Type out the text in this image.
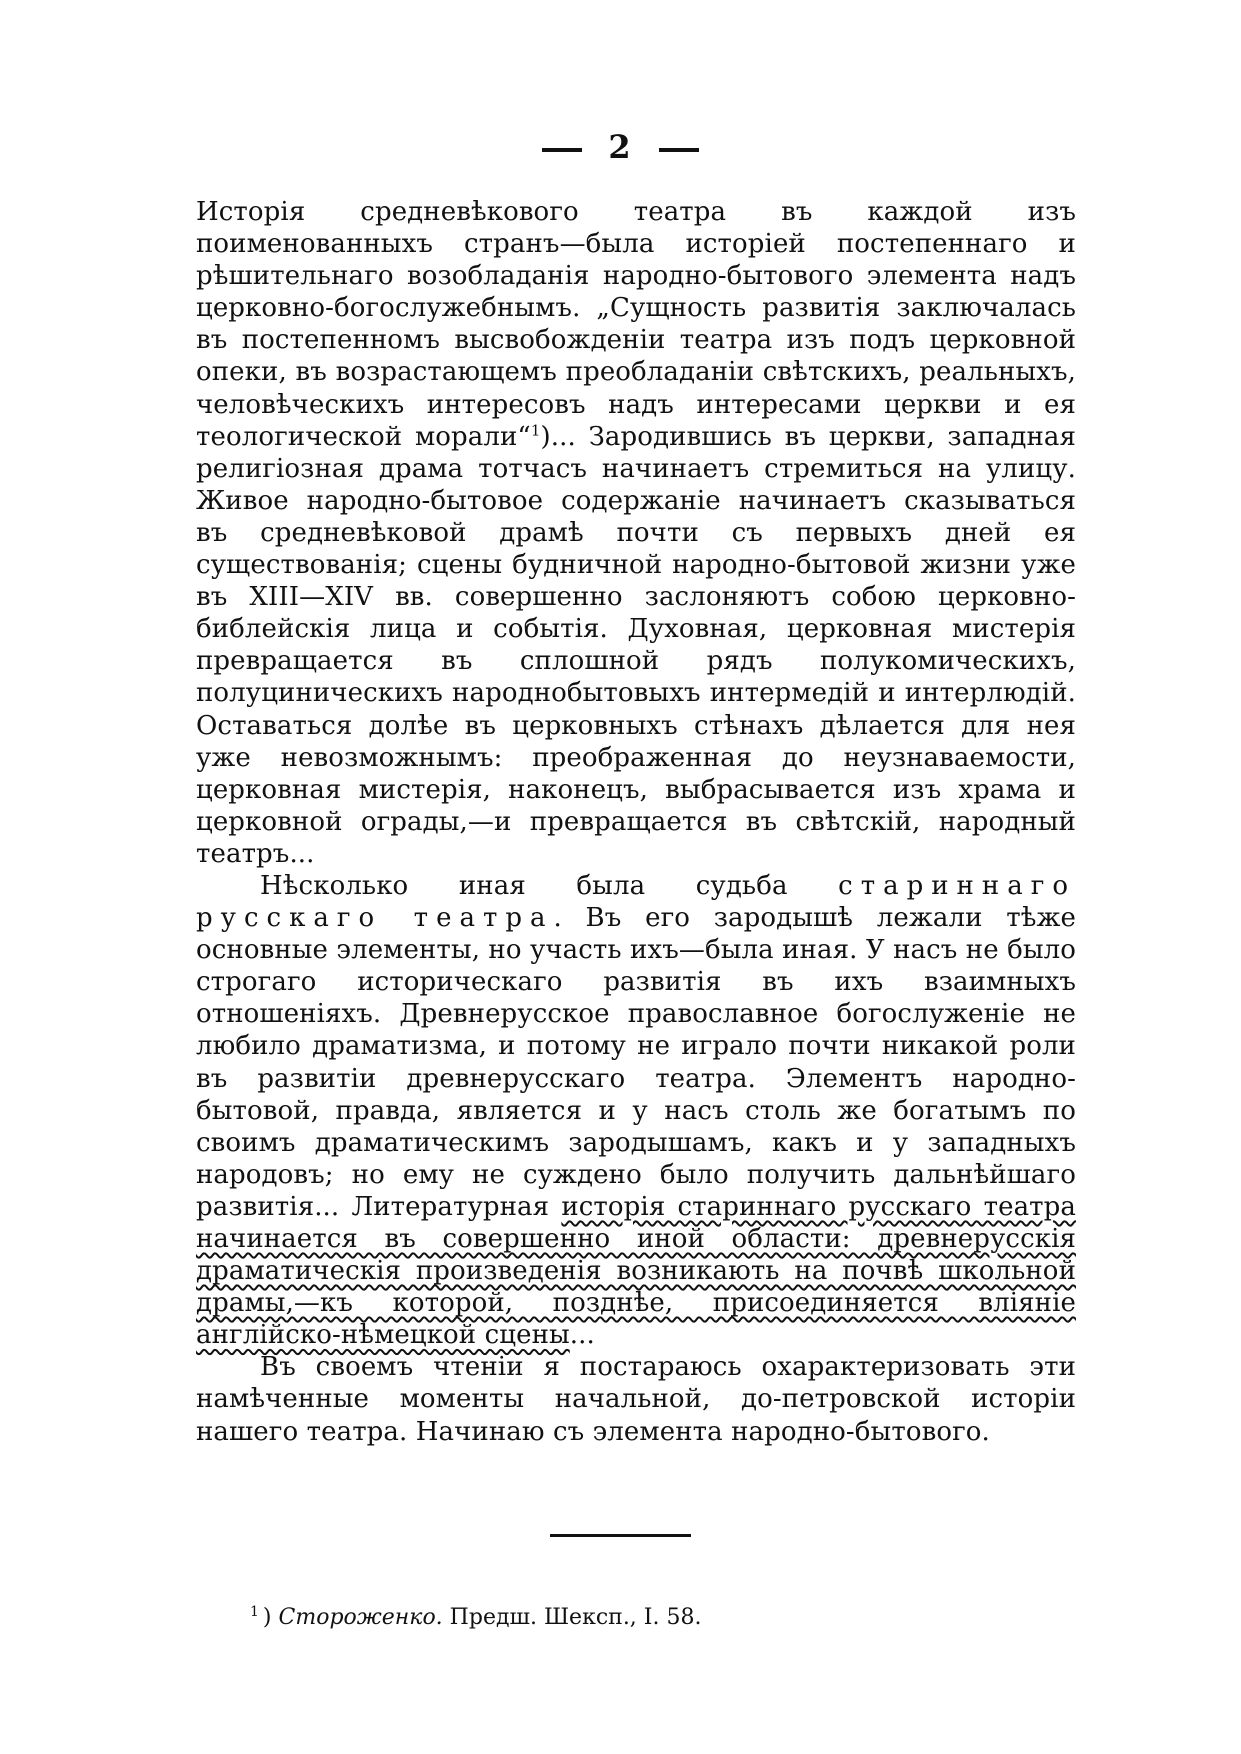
2

Исторія средневѣкового театра въ каждой изъ поименованныхъ странъ—была исторіей постепеннаго и рѣшительнаго возобладанія народно-бытового элемента надъ церковно-богослужебнымъ. „Сущность развитія заключалась въ постепенномъ высвобожденіи театра изъ подъ церковной опеки, въ возрастающемъ преобладаніи свѣтскихъ, реальныхъ, человѣческихъ интересовъ надъ интересами церкви и ея теологической морали“$^1$)... Зародившись въ церкви, западная религіозная драма тотчасъ начинаетъ стремиться на улицу. Живое народно-бытовое содержаніе начинаетъ сказываться въ средневѣковой драмѣ почти съ первыхъ дней ея существованія; сцены будничной народно-бытовой жизни уже въ XIII—XIV вв. совершенно заслоняютъ собою церковно-библейскія лица и событія. Духовная, церковная мистерія превращается въ сплошной рядъ полукомическихъ, полуциническихъ народнобытовыхъ интермедій и интерлюдій. Оставаться долѣе въ церковныхъ стѣнахъ дѣлается для нея уже невозможнымъ: преображенная до неузнаваемости, церковная мистерія, наконецъ, выбрасывается изъ храма и церковной ограды,—и превращается въ свѣтскій, народный театръ...

Нѣсколько иная была судьба стариннаго русскаго театра. Въ его зародышѣ лежали тѣже основные элементы, но участь ихъ—была иная. У насъ не было строгаго историческаго развитія въ ихъ взаимныхъ отношеніяхъ. Древнерусское православное богослуженіе не любило драматизма, и потому не играло почти никакой роли въ развитіи древнерусскаго театра. Элементъ народно-бытовой, правда, является и у насъ столь же богатымъ по своимъ драматическимъ зародышамъ, какъ и у западныхъ народовъ; но ему не суждено было получить дальнѣйшаго развитія... Литературная исторія стариннаго русскаго театра начинается въ совершенно иной области: древнерусскія драматическія произведенія возникають на почвѣ школьной драмы,—къ которой, позднѣе, присоединяется вліяніе англійско-нѣмецкой сцены...

Въ своемъ чтеніи я постараюсь охарактеризовать эти намѣченные моменты начальной, до-петровской исторіи нашего театра. Начинаю съ элемента народно-бытового.

$^1$ ) Стороженко. Предш. Шексп., I. 58.
